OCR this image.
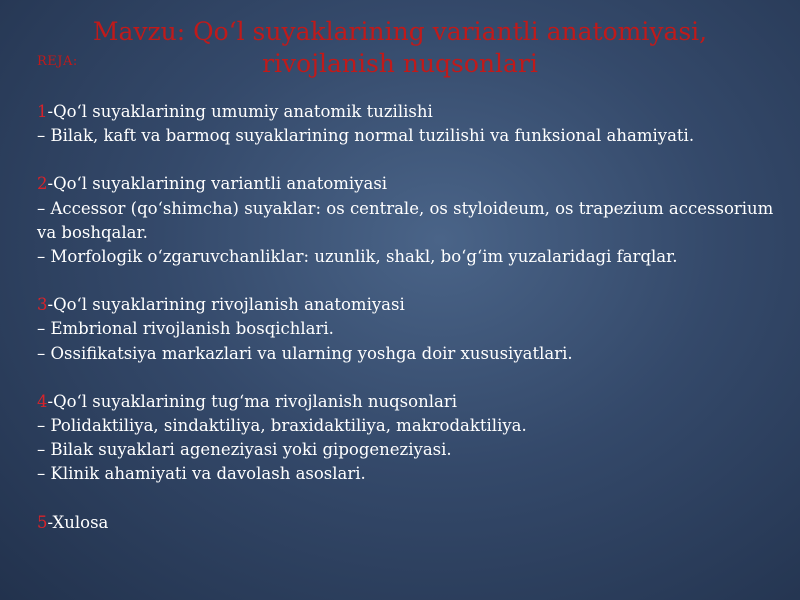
Mavzu: Qo‘l suyaklarining variantli anatomiyasi, rivojlanish nuqsonlari
REJA:
1-Qo‘l suyaklarining umumiy anatomik tuzilishi
– Bilak, kaft va barmoq suyaklarining normal tuzilishi va funksional ahamiyati.
2-Qo‘l suyaklarining variantli anatomiyasi
– Accessor (qo‘shimcha) suyaklar: os centrale, os styloideum, os trapezium accessorium va boshqalar.
– Morfologik o‘zgaruvchanliklar: uzunlik, shakl, bo‘g‘im yuzalaridagi farqlar.
3-Qo‘l suyaklarining rivojlanish anatomiyasi
– Embrional rivojlanish bosqichlari.
– Ossifikatsiya markazlari va ularning yoshga doir xususiyatlari.
4-Qo‘l suyaklarining tug‘ma rivojlanish nuqsonlari
– Polidaktiliya, sindaktiliya, braxidaktiliya, makrodaktiliya.
– Bilak suyaklari ageneziyasi yoki gipogeneziyasi.
– Klinik ahamiyati va davolash asoslari.
5-Xulosa
